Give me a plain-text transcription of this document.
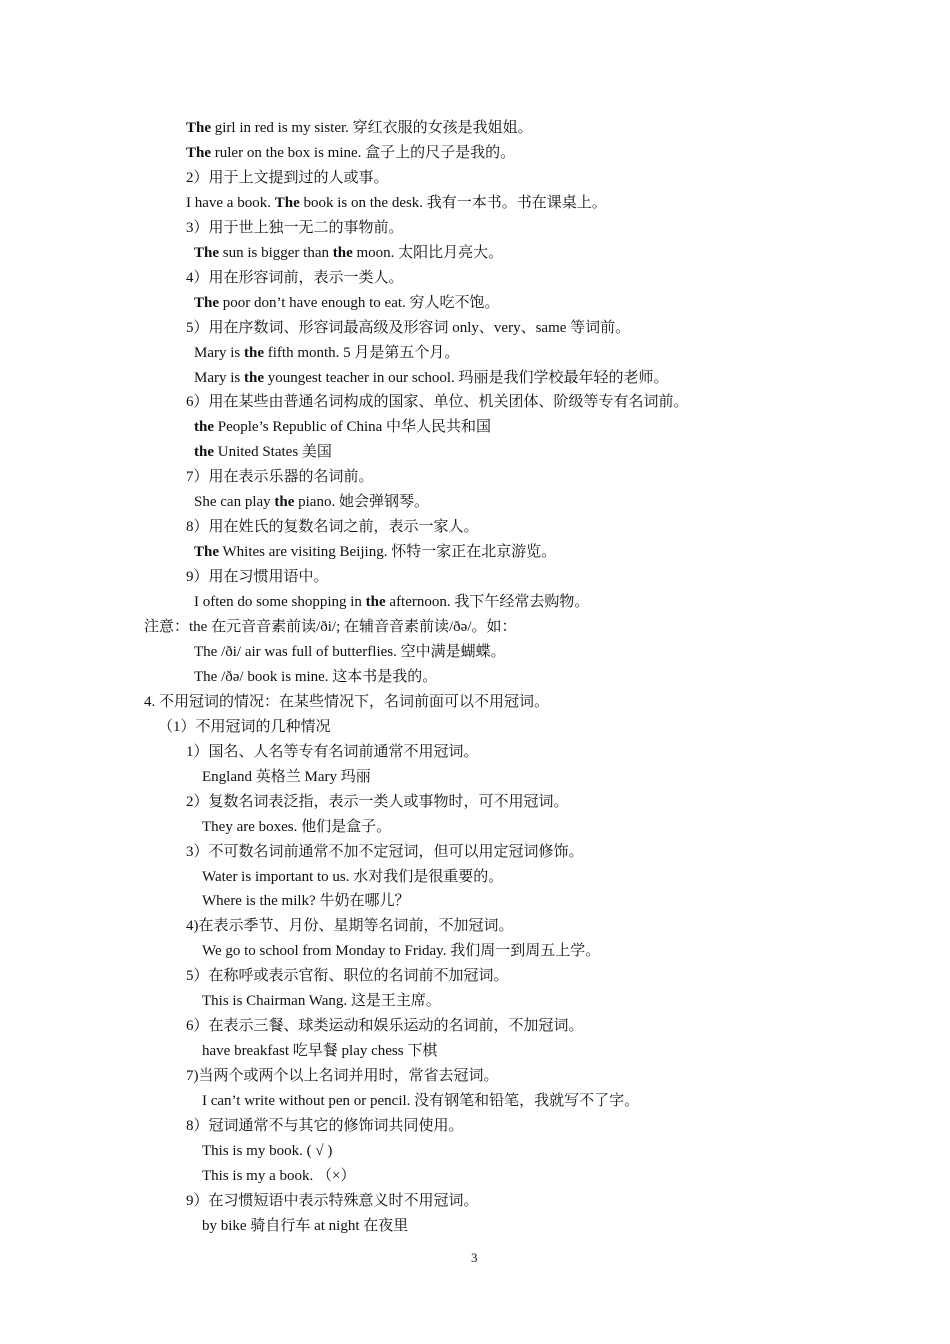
The girl in red is my sister. 穿红衣服的女孩是我姐姐。
The ruler on the box is mine. 盒子上的尺子是我的。
2）用于上文提到过的人或事。
I have a book. The book is on the desk. 我有一本书。书在课桌上。
3）用于世上独一无二的事物前。
The sun is bigger than the moon. 太阳比月亮大。
4）用在形容词前，表示一类人。
The poor don’t have enough to eat. 穷人吃不饱。
5）用在序数词、形容词最高级及形容词 only、very、same 等词前。
Mary is the fifth month. 5 月是第五个月。
Mary is the youngest teacher in our school. 玛丽是我们学校最年轻的老师。
6）用在某些由普通名词构成的国家、单位、机关团体、阶级等专有名词前。
the People’s Republic of China 中华人民共和国
the United States 美国
7）用在表示乐器的名词前。
She can play the piano. 她会弹钢琴。
8）用在姓氏的复数名词之前，表示一家人。
The Whites are visiting Beijing. 怀特一家正在北京游览。
9）用在习惯用语中。
I often do some shopping in the afternoon. 我下午经常去购物。
注意：the 在元音音素前读/ði/; 在辅音音素前读/ðə/。如：
The /ði/ air was full of butterflies. 空中满是蝴蝶。
The /ðə/ book is mine. 这本书是我的。
4. 不用冠词的情况：在某些情况下，名词前面可以不用冠词。
（1）不用冠词的几种情况
1）国名、人名等专有名词前通常不用冠词。
England 英格兰 Mary 玛丽
2）复数名词表泛指，表示一类人或事物时，可不用冠词。
They are boxes. 他们是盒子。
3）不可数名词前通常不加不定冠词，但可以用定冠词修饰。
Water is important to us. 水对我们是很重要的。
Where is the milk? 牛奶在哪儿？
4)在表示季节、月份、星期等名词前，不加冠词。
We go to school from Monday to Friday. 我们周一到周五上学。
5）在称呼或表示官衔、职位的名词前不加冠词。
This is Chairman Wang. 这是王主席。
6）在表示三餐、球类运动和娱乐运动的名词前，不加冠词。
have breakfast 吃早餐 play chess 下棋
7)当两个或两个以上名词并用时，常省去冠词。
I can’t write without pen or pencil. 没有钢笔和铅笔，我就写不了字。
8）冠词通常不与其它的修饰词共同使用。
This is my book. ( √ )
This is my a book. （×）
9）在习惯短语中表示特殊意义时不用冠词。
by bike 骑自行车 at night 在夜里
3
